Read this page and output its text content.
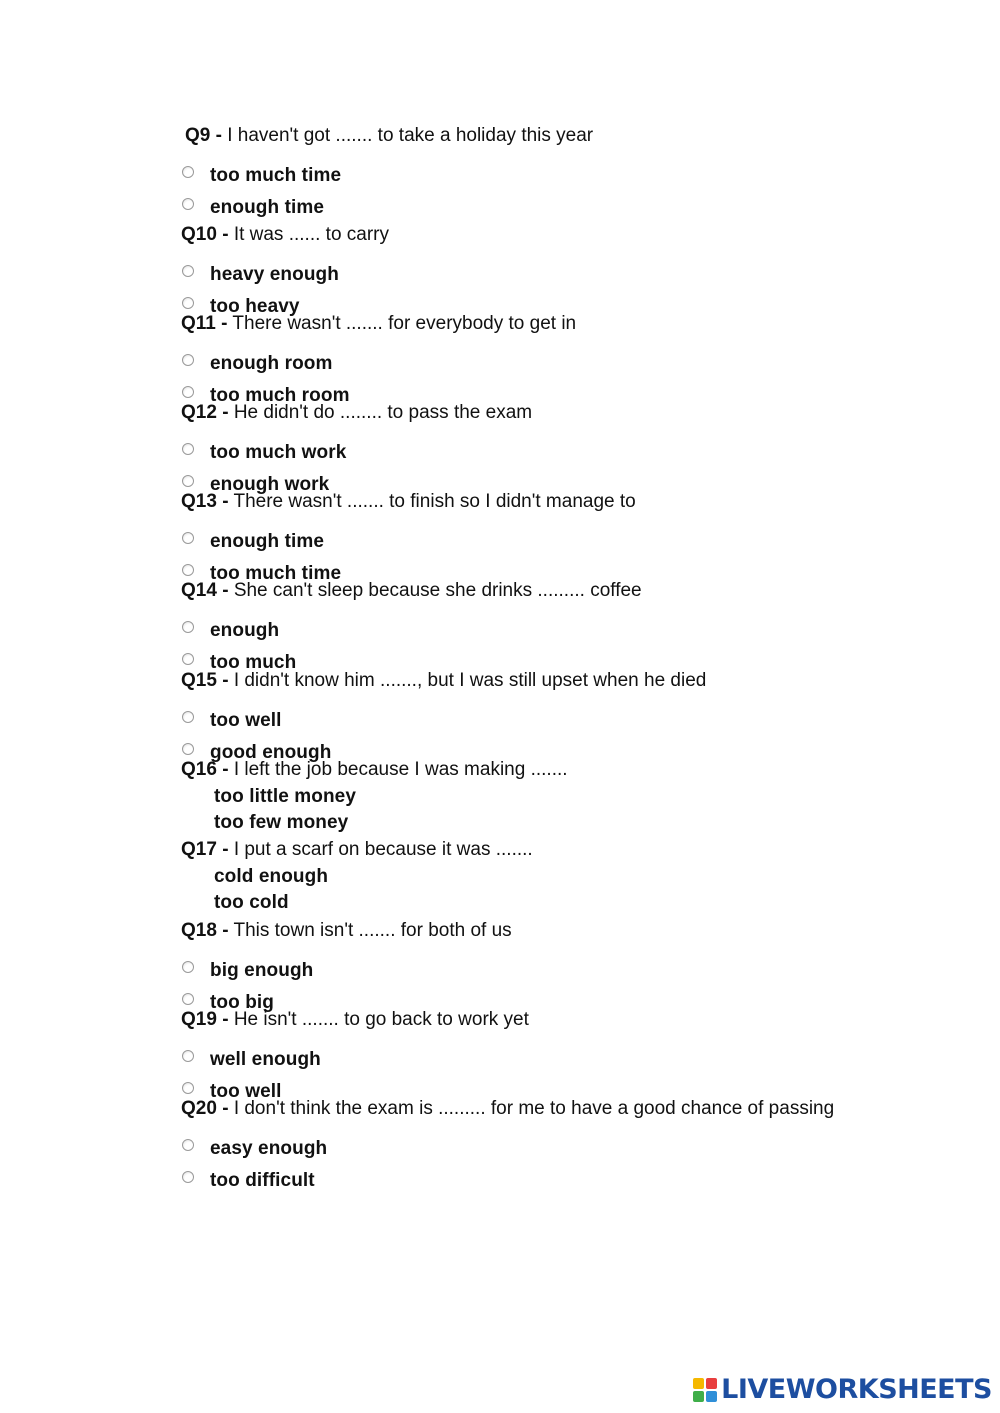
Q9 - I haven't got ....... to take a holiday this year
too much time
enough time
Q10 - It was ...... to carry
heavy enough
too heavy
Q11 - There wasn't ....... for everybody to get in
enough room
too much room
Q12 - He didn't do ........ to pass the exam
too much work
enough work
Q13 - There wasn't ....... to finish so I didn't manage to
enough time
too much time
Q14 - She can't sleep because she drinks ......... coffee
enough
too much
Q15 - I didn't know him ......., but I was still upset when he died
too well
good enough
Q16 - I left the job because I was making .......
too little money
too few money
Q17 - I put a scarf on because it was .......
cold enough
too cold
Q18 - This town isn't ....... for both of us
big enough
too big
Q19 - He isn't ....... to go back to work yet
well enough
too well
Q20 - I don't think the exam is ......... for me to have a good chance of passing
easy enough
too difficult
LIVEWORKSHEETS
